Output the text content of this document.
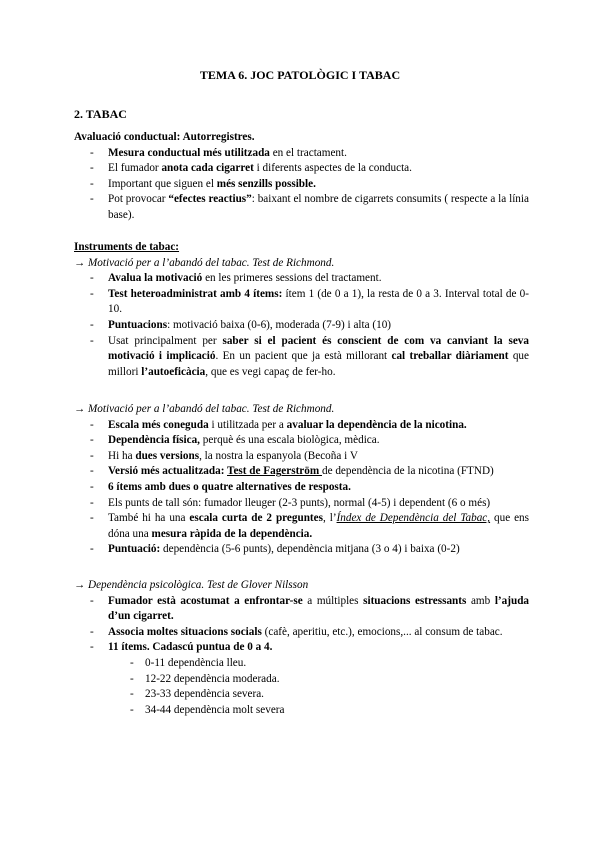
TEMA 6. JOC PATOLÒGIC I TABAC
2. TABAC
Avaluació conductual: Autorregistres.
- Mesura conductual més utilitzada en el tractament.
- El fumador anota cada cigarret i diferents aspectes de la conducta.
- Important que siguen el més senzills possible.
- Pot provocar “efectes reactius”: baixant el nombre de cigarrets consumits ( respecte a la línia base).
Instruments de tabac:
→ Motivació per a l’abandó del tabac. Test de Richmond.
- Avalua la motivació en les primeres sessions del tractament.
- Test heteroadministrat amb 4 ítems: ítem 1 (de 0 a 1), la resta de 0 a 3. Interval total de 0-10.
- Puntuacions: motivació baixa (0-6), moderada (7-9) i alta (10)
- Usat principalment per saber si el pacient és conscient de com va canviant la seva motivació i implicació. En un pacient que ja està millorant cal treballar diàriament que millori l’autoeficàcia, que es vegi capaç de fer-ho.
→ Motivació per a l’abandó del tabac. Test de Richmond.
- Escala més coneguda i utilitzada per a avaluar la dependència de la nicotina.
- Dependència física, perquè és una escala biològica, mèdica.
- Hi ha dues versions, la nostra la espanyola (Becoña i V
- Versió més actualitzada: Test de Fagerström de dependència de la nicotina (FTND)
- 6 ítems amb dues o quatre alternatives de resposta.
- Els punts de tall són: fumador lleuger (2-3 punts), normal (4-5) i dependent (6 o més)
- També hi ha una escala curta de 2 preguntes, l’Índex de Dependència del Tabac, que ens dóna una mesura ràpida de la dependència.
- Puntuació: dependència (5-6 punts), dependència mitjana (3 o 4) i baixa (0-2)
→ Dependència psicològica. Test de Glover Nilsson
- Fumador està acostumat a enfrontar-se a múltiples situacions estressants amb l’ajuda d’un cigarret.
- Associa moltes situacions socials (cafè, aperitiu, etc.), emocions,... al consum de tabac.
- 11 ítems. Cadascú puntua de 0 a 4.
- 0-11 dependència lleu.
- 12-22 dependència moderada.
- 23-33 dependència severa.
- 34-44 dependència molt severa
